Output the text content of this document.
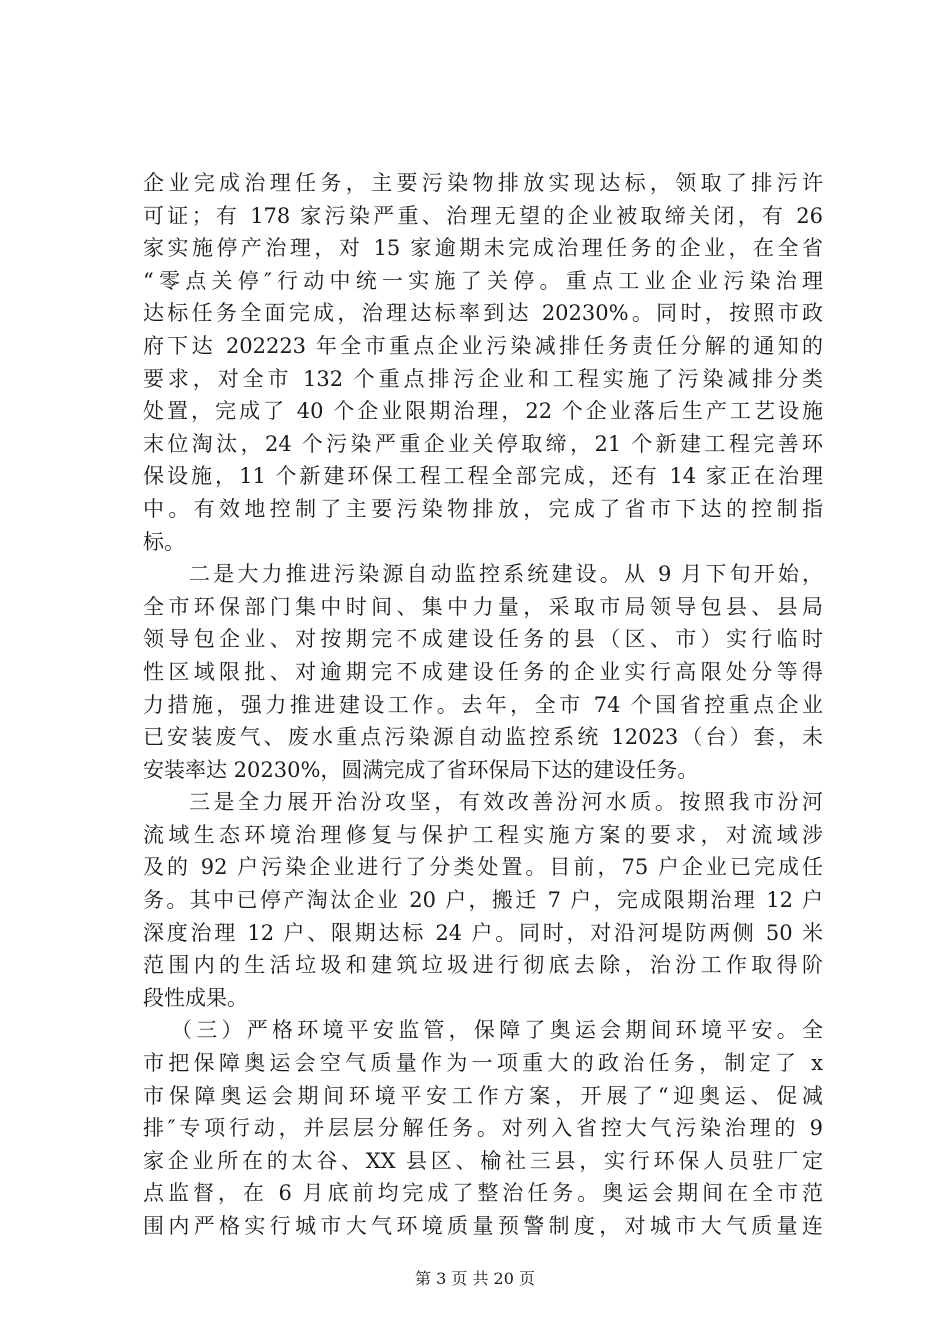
企业完成治理任务，主要污染物排放实现达标，领取了排污许
可证；有 178 家污染严重、治理无望的企业被取缔关闭，有 26
家实施停产治理，对 15 家逾期未完成治理任务的企业，在全省
“零点关停″行动中统一实施了关停。重点工业企业污染治理
达标任务全面完成，治理达标率到达 20230%。同时，按照市政
府下达 202223 年全市重点企业污染减排任务责任分解的通知的
要求，对全市 132 个重点排污企业和工程实施了污染减排分类
处置，完成了 40 个企业限期治理，22 个企业落后生产工艺设施
末位淘汰，24 个污染严重企业关停取缔，21 个新建工程完善环
保设施，11 个新建环保工程工程全部完成，还有 14 家正在治理
中。有效地控制了主要污染物排放，完成了省市下达的控制指
标。
二是大力推进污染源自动监控系统建设。从 9 月下旬开始，
全市环保部门集中时间、集中力量，采取市局领导包县、县局
领导包企业、对按期完不成建设任务的县（区、市）实行临时
性区域限批、对逾期完不成建设任务的企业实行高限处分等得
力措施，强力推进建设工作。去年，全市 74 个国省控重点企业
已安装废气、废水重点污染源自动监控系统 12023（台）套，未
安装率达 20230%，圆满完成了省环保局下达的建设任务。
三是全力展开治汾攻坚，有效改善汾河水质。按照我市汾河
流域生态环境治理修复与保护工程实施方案的要求，对流域涉
及的 92 户污染企业进行了分类处置。目前，75 户企业已完成任
务。其中已停产淘汰企业 20 户，搬迁 7 户，完成限期治理 12 户
深度治理 12 户、限期达标 24 户。同时，对沿河堤防两侧 50 米
范围内的生活垃圾和建筑垃圾进行彻底去除，治汾工作取得阶
段性成果。
（三）严格环境平安监管，保障了奥运会期间环境平安。全
市把保障奥运会空气质量作为一项重大的政治任务，制定了 x
市保障奥运会期间环境平安工作方案，开展了“迎奥运、促减
排″专项行动，并层层分解任务。对列入省控大气污染治理的 9
家企业所在的太谷、XX 县区、榆社三县，实行环保人员驻厂定
点监督，在 6 月底前均完成了整治任务。奥运会期间在全市范
围内严格实行城市大气环境质量预警制度，对城市大气质量连
第 3 页 共 20 页
